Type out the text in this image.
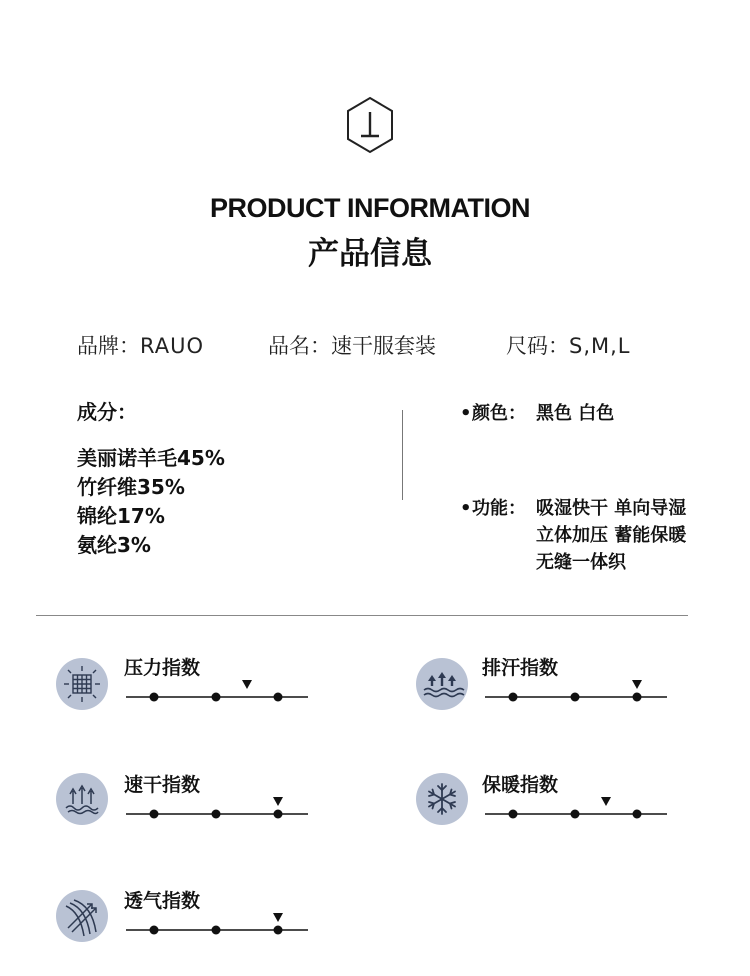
PRODUCT INFORMATION
产品信息
品牌：RAUO	品名：速干服套装	尺码：S,M,L
成分：
美丽诺羊毛45%
竹纤维35%
锦纶17%
氨纶3%
•颜色： 黑色 白色
•功能： 吸湿快干 单向导湿
立体加压 蓄能保暖
无缝一体织
压力指数	排汗指数
速干指数	保暖指数
透气指数
